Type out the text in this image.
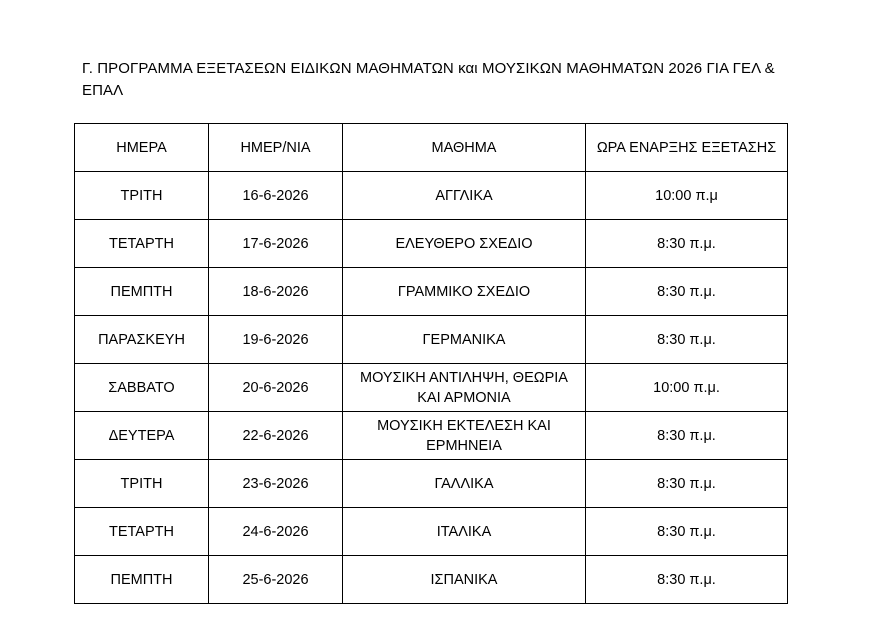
Γ. ΠΡΟΓΡΑΜΜΑ ΕΞΕΤΑΣΕΩΝ ΕΙΔΙΚΩΝ ΜΑΘΗΜΑΤΩΝ και ΜΟΥΣΙΚΩΝ ΜΑΘΗΜΑΤΩΝ 2026 ΓΙΑ ΓΕΛ & ΕΠΑΛ
ΗΜΕΡΑ	ΗΜΕΡ/ΝΙΑ	ΜΑΘΗΜΑ	ΩΡΑ ΕΝΑΡΞΗΣ ΕΞΕΤΑΣΗΣ
ΤΡΙΤΗ	16-6-2026	ΑΓΓΛΙΚΑ	10:00 π.μ
ΤΕΤΑΡΤΗ	17-6-2026	ΕΛΕΥΘΕΡΟ ΣΧΕΔΙΟ	8:30 π.μ.
ΠΕΜΠΤΗ	18-6-2026	ΓΡΑΜΜΙΚΟ ΣΧΕΔΙΟ	8:30 π.μ.
ΠΑΡΑΣΚΕΥΗ	19-6-2026	ΓΕΡΜΑΝΙΚΑ	8:30 π.μ.
ΣΑΒΒΑΤΟ	20-6-2026	ΜΟΥΣΙΚΗ ΑΝΤΙΛΗΨΗ, ΘΕΩΡΙΑ ΚΑΙ ΑΡΜΟΝΙΑ	10:00 π.μ.
ΔΕΥΤΕΡΑ	22-6-2026	ΜΟΥΣΙΚΗ ΕΚΤΕΛΕΣΗ ΚΑΙ ΕΡΜΗΝΕΙΑ	8:30 π.μ.
ΤΡΙΤΗ	23-6-2026	ΓΑΛΛΙΚΑ	8:30 π.μ.
ΤΕΤΑΡΤΗ	24-6-2026	ΙΤΑΛΙΚΑ	8:30 π.μ.
ΠΕΜΠΤΗ	25-6-2026	ΙΣΠΑΝΙΚΑ	8:30 π.μ.
